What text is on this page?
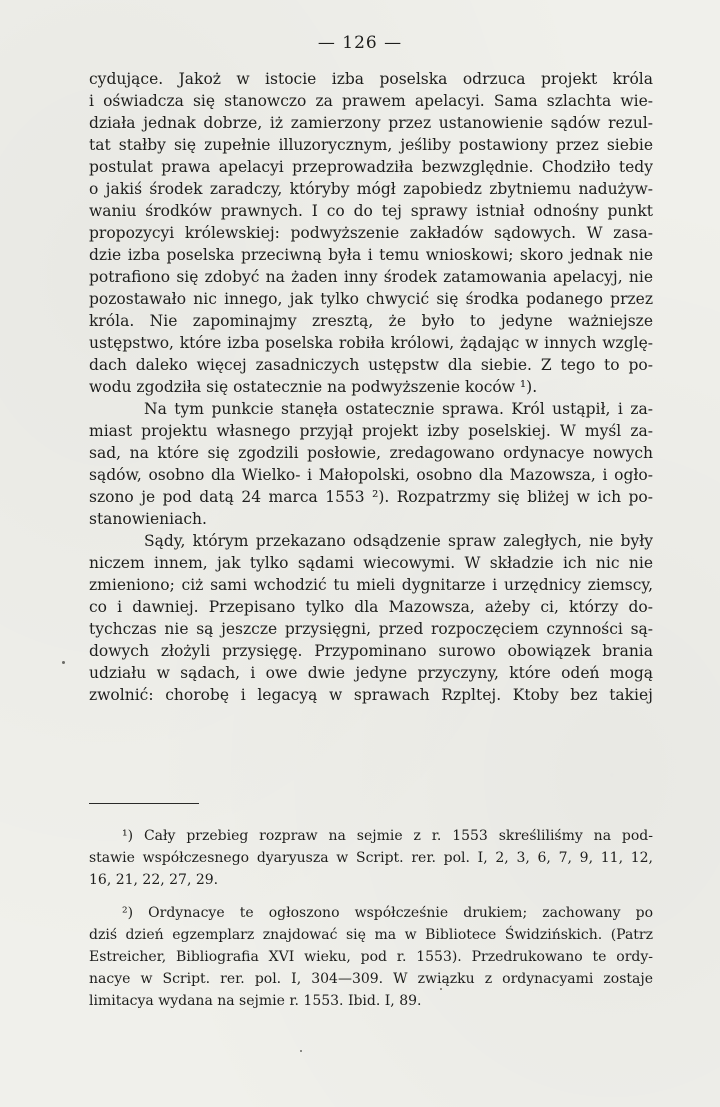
— 126 —

cydujące. Jakoż w istocie izba poselska odrzuca projekt króla
i oświadcza się stanowczo za prawem apelacyi. Sama szlachta wie-
działa jednak dobrze, iż zamierzony przez ustanowienie sądów rezul-
tat stałby się zupełnie illuzorycznym, jeśliby postawiony przez siebie
postulat prawa apelacyi przeprowadziła bezwzględnie. Chodziło tedy
o jakiś środek zaradczy, któryby mógł zapobiedz zbytniemu nadużyw-
waniu środków prawnych. I co do tej sprawy istniał odnośny punkt
propozycyi królewskiej: podwyższenie zakładów sądowych. W zasa-
dzie izba poselska przeciwną była i temu wnioskowi; skoro jednak nie
potrafiono się zdobyć na żaden inny środek zatamowania apelacyj, nie
pozostawało nic innego, jak tylko chwycić się środka podanego przez
króla. Nie zapominajmy zresztą, że było to jedyne ważniejsze
ustępstwo, które izba poselska robiła królowi, żądając w innych wzglę-
dach daleko więcej zasadniczych ustępstw dla siebie. Z tego to po-
wodu zgodziła się ostatecznie na podwyższenie koców ¹).

Na tym punkcie stanęła ostatecznie sprawa. Król ustąpił, i za-
miast projektu własnego przyjął projekt izby poselskiej. W myśl za-
sad, na które się zgodzili posłowie, zredagowano ordynacye nowych
sądów, osobno dla Wielko- i Małopolski, osobno dla Mazowsza, i ogło-
szono je pod datą 24 marca 1553 ²). Rozpatrzmy się bliżej w ich po-
stanowieniach.

Sądy, którym przekazano odsądzenie spraw zaległych, nie były
niczem innem, jak tylko sądami wiecowymi. W składzie ich nic nie
zmieniono; ciż sami wchodzić tu mieli dygnitarze i urzędnicy ziemscy,
co i dawniej. Przepisano tylko dla Mazowsza, ażeby ci, którzy do-
tychczas nie są jeszcze przysięgni, przed rozpoczęciem czynności są-
dowych złożyli przysięgę. Przypominano surowo obowiązek brania
udziału w sądach, i owe dwie jedyne przyczyny, które odeń mogą
zwolnić: chorobę i legacyą w sprawach Rzpltej. Ktoby bez takiej

¹) Cały przebieg rozpraw na sejmie z r. 1553 skreśliliśmy na pod-
stawie współczesnego dyaryusza w Script. rer. pol. I, 2, 3, 6, 7, 9, 11, 12,
16, 21, 22, 27, 29.
²) Ordynacye te ogłoszono współcześnie drukiem; zachowany po
dziś dzień egzemplarz znajdować się ma w Bibliotece Świdzińskich. (Patrz
Estreicher, Bibliografia XVI wieku, pod r. 1553). Przedrukowano te ordy-
nacye w Script. rer. pol. I, 304—309. W związku z ordynacyami zostaje
limitacya wydana na sejmie r. 1553. Ibid. I, 89.
